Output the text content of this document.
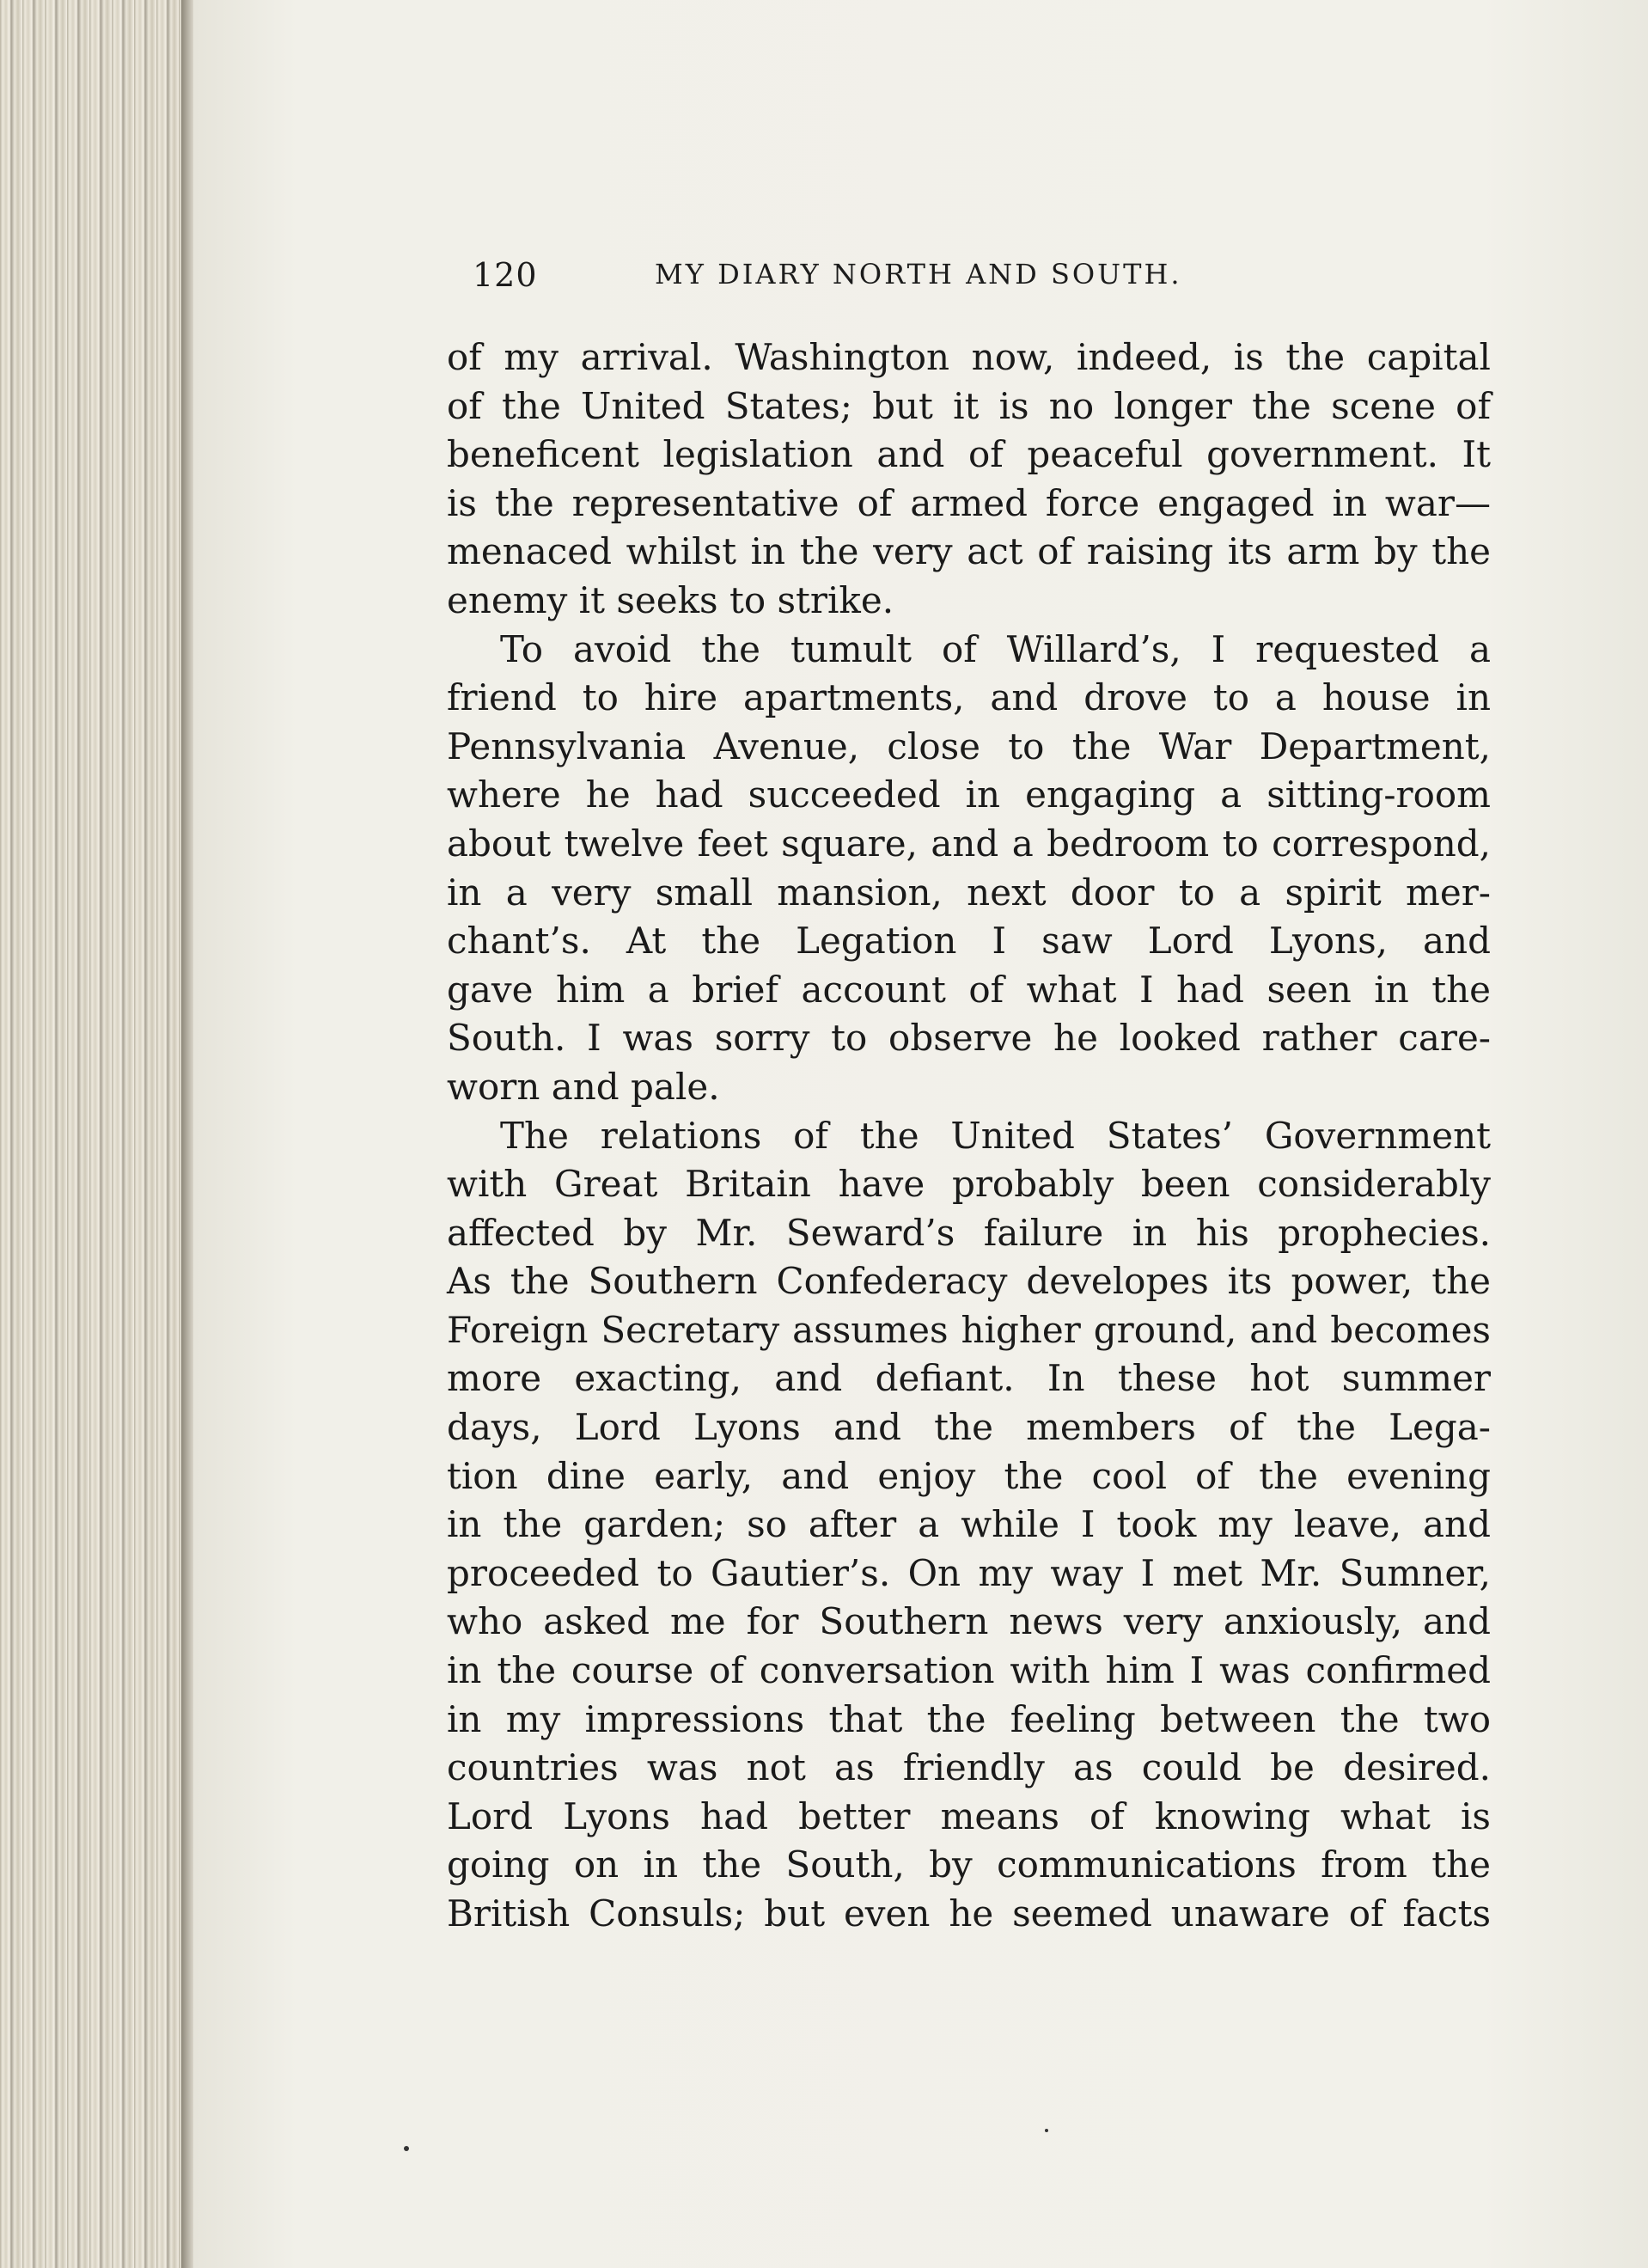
120	MY DIARY NORTH AND SOUTH.
of my arrival. Washington now, indeed, is the capital
of the United States; but it is no longer the scene of
beneficent legislation and of peaceful government. It
is the representative of armed force engaged in war—
menaced whilst in the very act of raising its arm by the
enemy it seeks to strike.
To avoid the tumult of Willard’s, I requested a
friend to hire apartments, and drove to a house in
Pennsylvania Avenue, close to the War Department,
where he had succeeded in engaging a sitting-room
about twelve feet square, and a bedroom to correspond,
in a very small mansion, next door to a spirit mer-
chant’s. At the Legation I saw Lord Lyons, and
gave him a brief account of what I had seen in the
South. I was sorry to observe he looked rather care-
worn and pale.
The relations of the United States’ Government
with Great Britain have probably been considerably
affected by Mr. Seward’s failure in his prophecies.
As the Southern Confederacy developes its power, the
Foreign Secretary assumes higher ground, and becomes
more exacting, and defiant. In these hot summer
days, Lord Lyons and the members of the Lega-
tion dine early, and enjoy the cool of the evening
in the garden; so after a while I took my leave, and
proceeded to Gautier’s. On my way I met Mr. Sumner,
who asked me for Southern news very anxiously, and
in the course of conversation with him I was confirmed
in my impressions that the feeling between the two
countries was not as friendly as could be desired.
Lord Lyons had better means of knowing what is
going on in the South, by communications from the
British Consuls; but even he seemed unaware of facts
